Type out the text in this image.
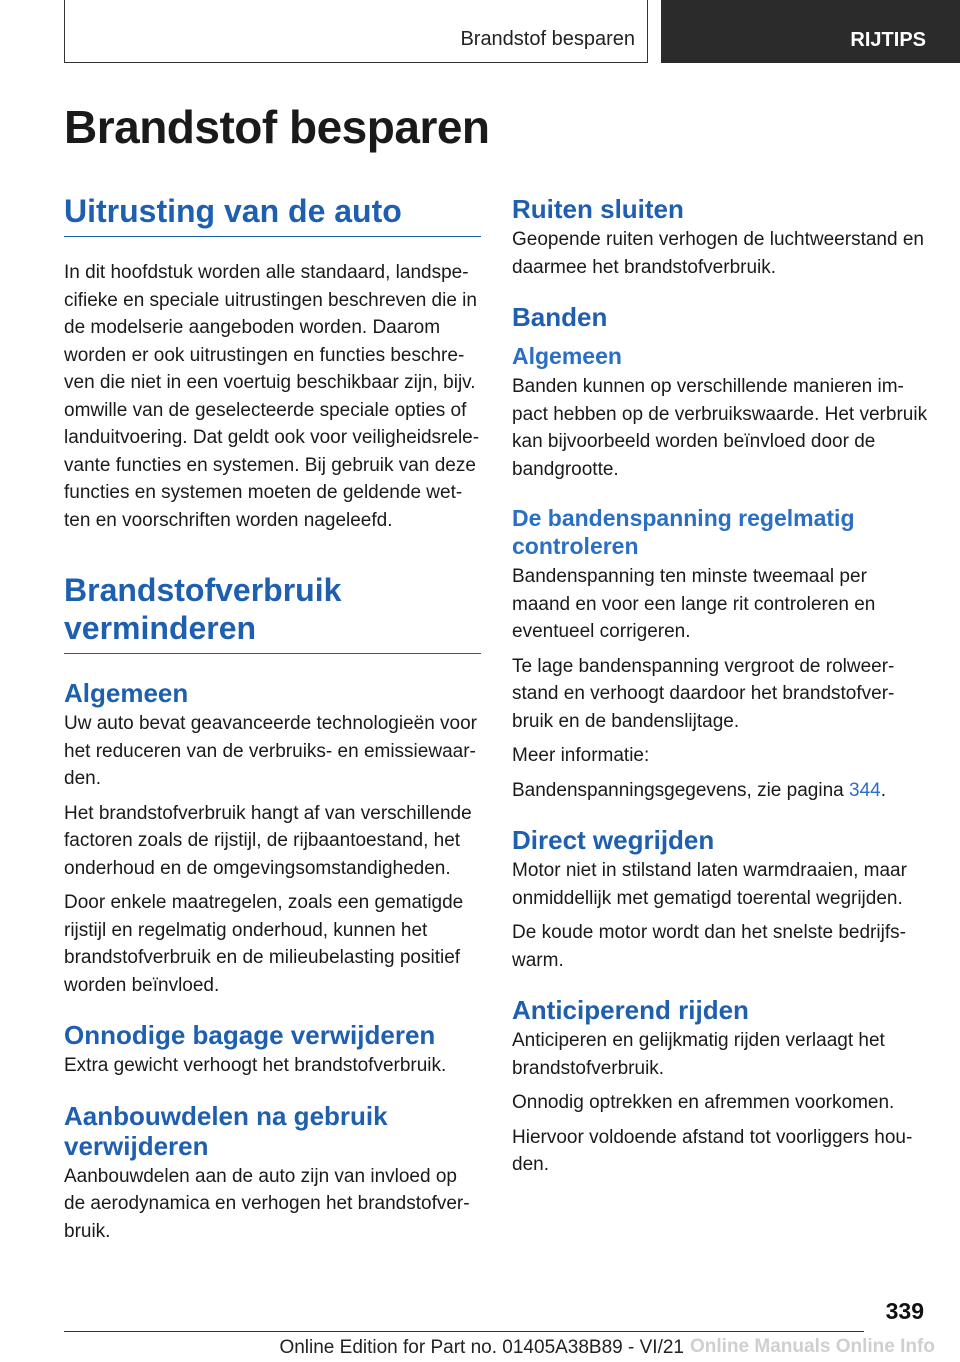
Brandstof besparen	RIJTIPS
Brandstof besparen
Uitrusting van de auto

In dit hoofdstuk worden alle standaard, landspe-cifieke en speciale uitrustingen beschreven die in de modelserie aangeboden worden. Daarom worden er ook uitrustingen en functies beschre-ven die niet in een voertuig beschikbaar zijn, bijv. omwille van de geselecteerde speciale opties of landuitvoering. Dat geldt ook voor veiligheidsrele-vante functies en systemen. Bij gebruik van deze functies en systemen moeten de geldende wet-ten en voorschriften worden nageleefd.

Brandstofverbruik verminderen
Algemeen

Uw auto bevat geavanceerde technologieën voor het reduceren van de verbruiks- en emissiewaar-den.

Het brandstofverbruik hangt af van verschillende factoren zoals de rijstijl, de rijbaantoestand, het onderhoud en de omgevingsomstandigheden.

Door enkele maatregelen, zoals een gematigde rijstijl en regelmatig onderhoud, kunnen het brandstofverbruik en de milieubelasting positief worden beïnvloed.

Onnodige bagage verwijderen

Extra gewicht verhoogt het brandstofverbruik.

Aanbouwdelen na gebruik verwijderen

Aanbouwdelen aan de auto zijn van invloed op de aerodynamica en verhogen het brandstofver-bruik.

Ruiten sluiten

Geopende ruiten verhogen de luchtweerstand en daarmee het brandstofverbruik.

Banden
Algemeen

Banden kunnen op verschillende manieren im-pact hebben op de verbruikswaarde. Het verbruik kan bijvoorbeeld worden beïnvloed door de bandgrootte.

De bandenspanning regelmatig controleren

Bandenspanning ten minste tweemaal per maand en voor een lange rit controleren en eventueel corrigeren.

Te lage bandenspanning vergroot de rolweer-stand en verhoogt daardoor het brandstofver-bruik en de bandenslijtage.

Meer informatie:

Bandenspanningsgegevens, zie pagina 344.

Direct wegrijden

Motor niet in stilstand laten warmdraaien, maar onmiddellijk met gematigd toerental wegrijden.

De koude motor wordt dan het snelste bedrijfs-warm.

Anticiperend rijden

Anticiperen en gelijkmatig rijden verlaagt het brandstofverbruik.

Onnodig optrekken en afremmen voorkomen.

Hiervoor voldoende afstand tot voorliggers hou-den.

339
Online Edition for Part no. 01405A38B89 - VI/21 Online Manuals Online Info
